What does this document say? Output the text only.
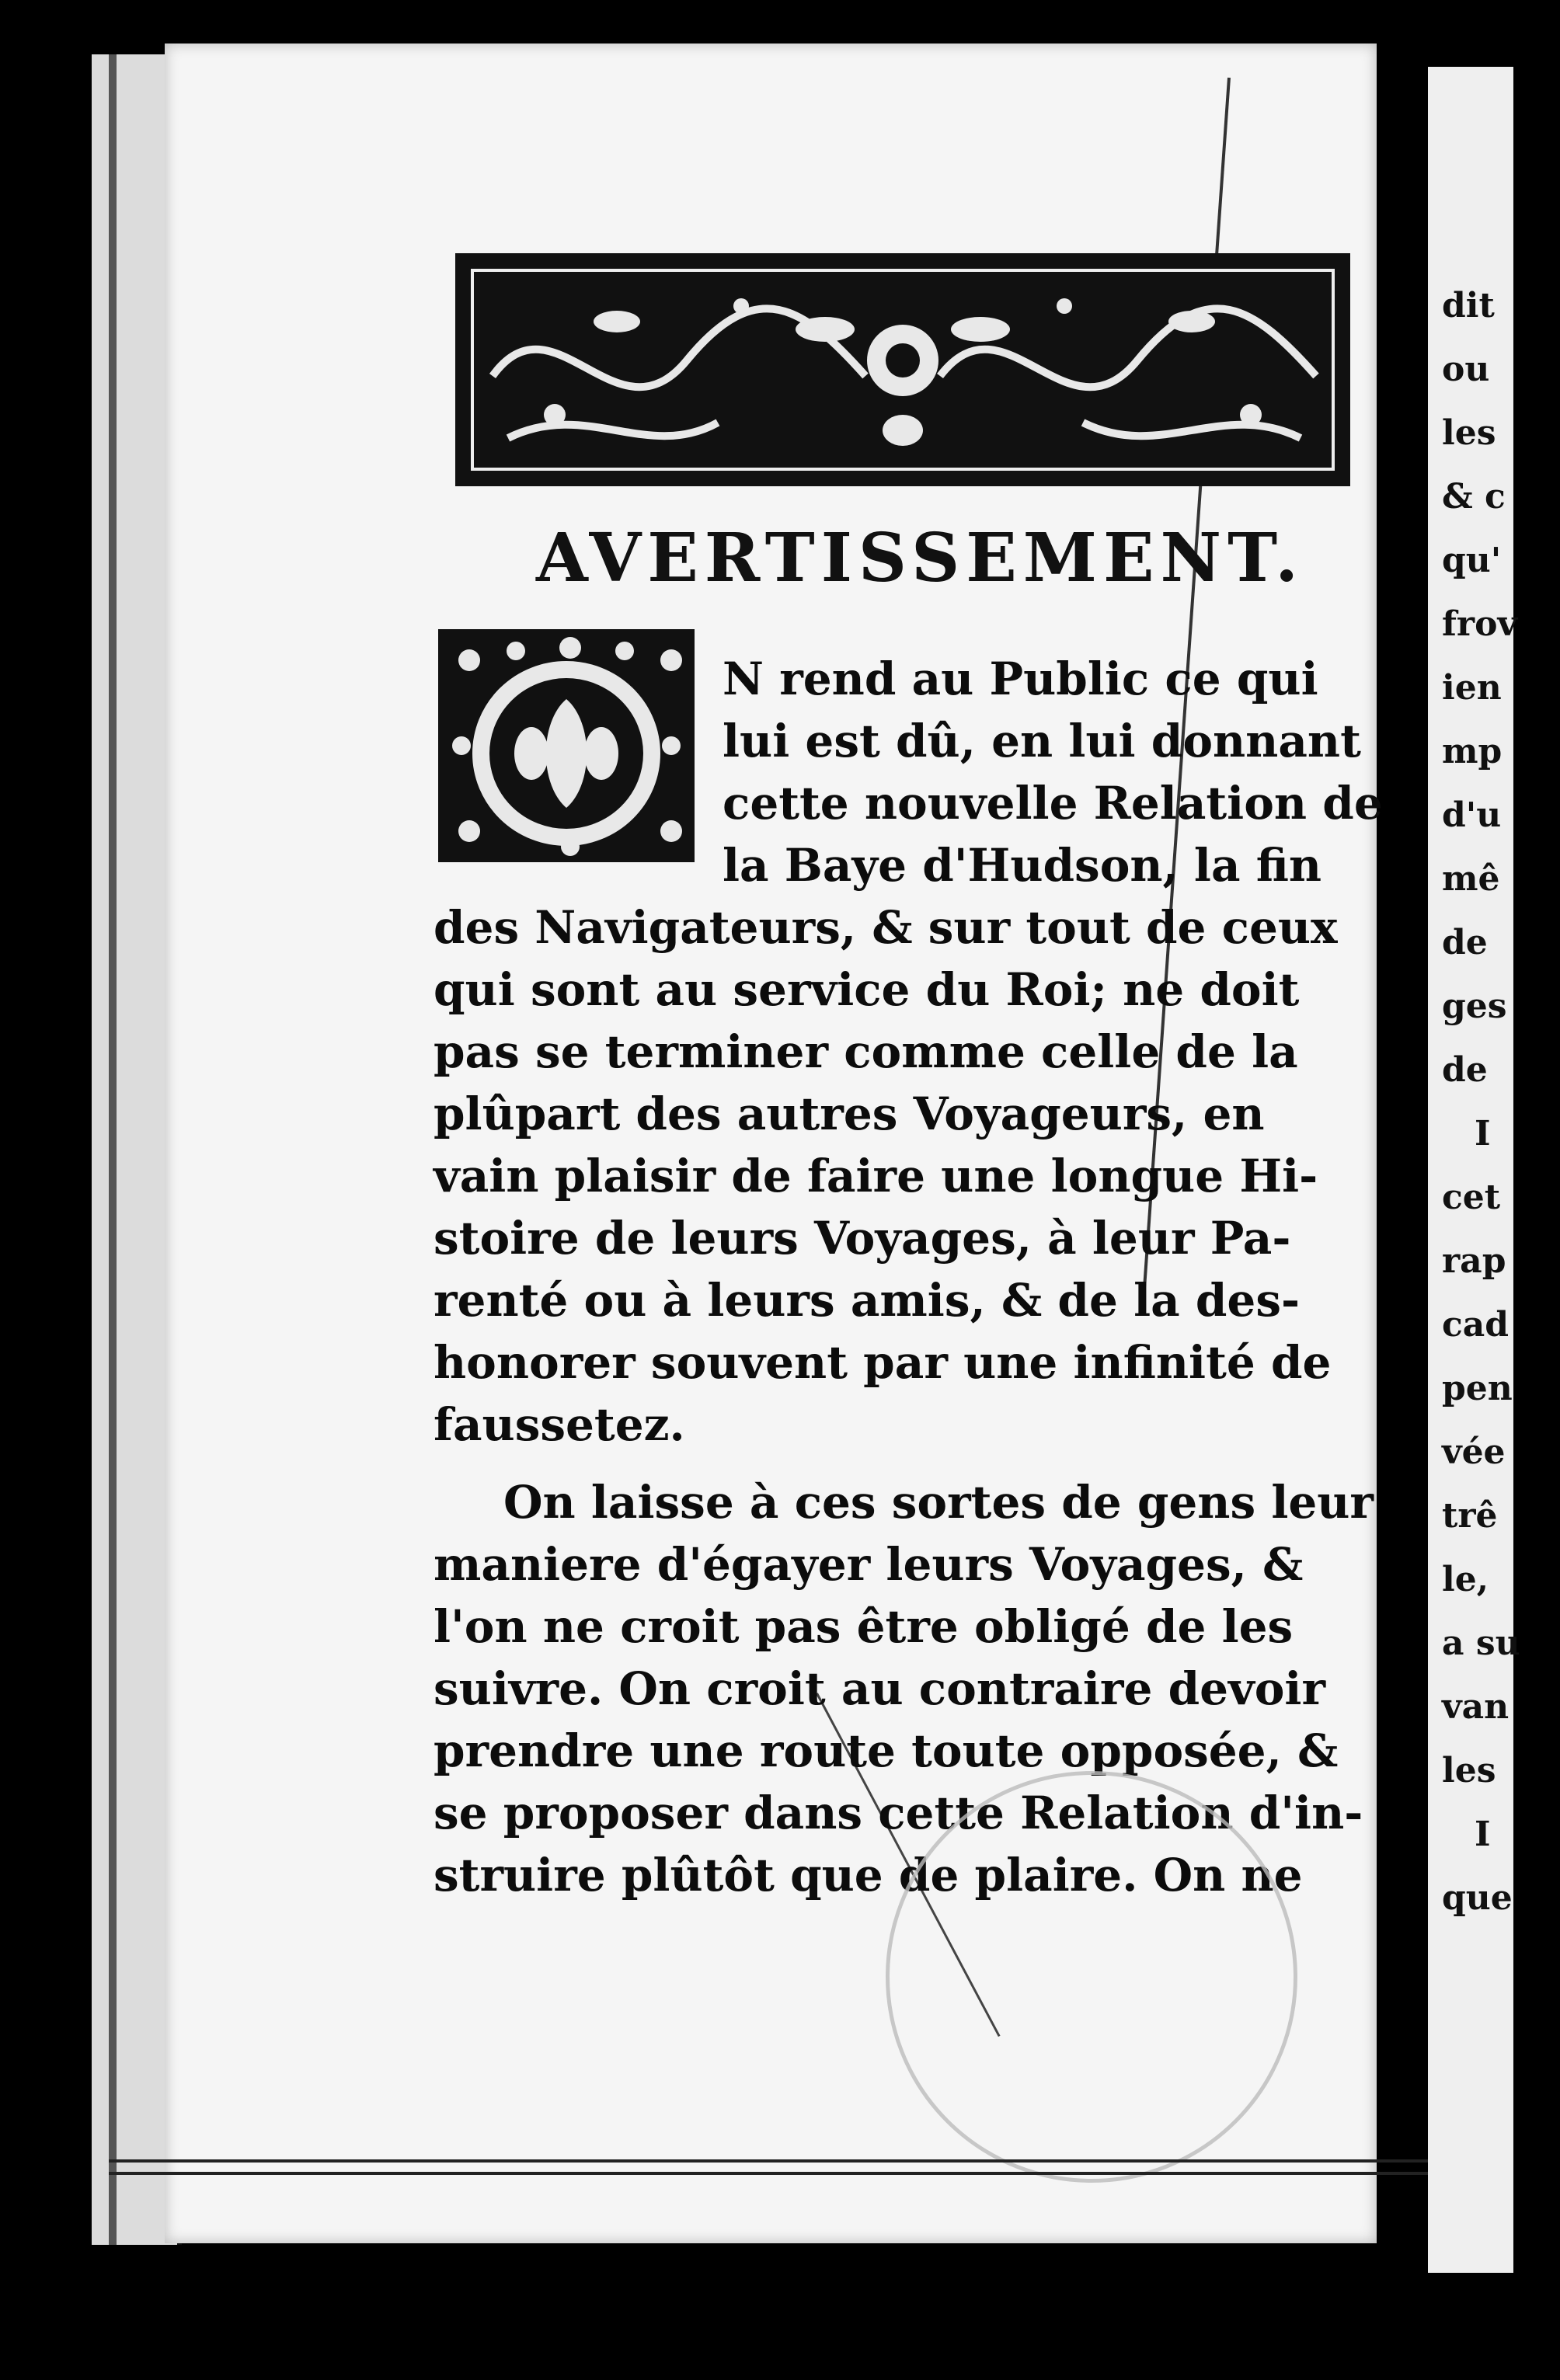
AVERTISSEMENT.
N rend au Public ce qui
lui est dû, en lui donnant
cette nouvelle Relation de
la Baye d'Hudson, la fin
des Navigateurs, & sur tout de ceux
qui sont au service du Roi; ne doit
pas se terminer comme celle de la
plûpart des autres Voyageurs, en
vain plaisir de faire une longue Hi-
stoire de leurs Voyages, à leur Pa-
renté ou à leurs amis, & de la des-
honorer souvent par une infinité de
faussetez.
On laisse à ces sortes de gens leur
maniere d'égayer leurs Voyages, &
l'on ne croit pas être obligé de les
suivre. On croit au contraire devoir
prendre une route toute opposée, &
se proposer dans cette Relation d'in-
struire plûtôt que de plaire. On ne
dit
ou
les
& c
qu'
frov
ien
mp
d'u
mê
de
ges
de
I
cet
rap
cad
pen
vée
trê
le,
a su
van
les
I
que
